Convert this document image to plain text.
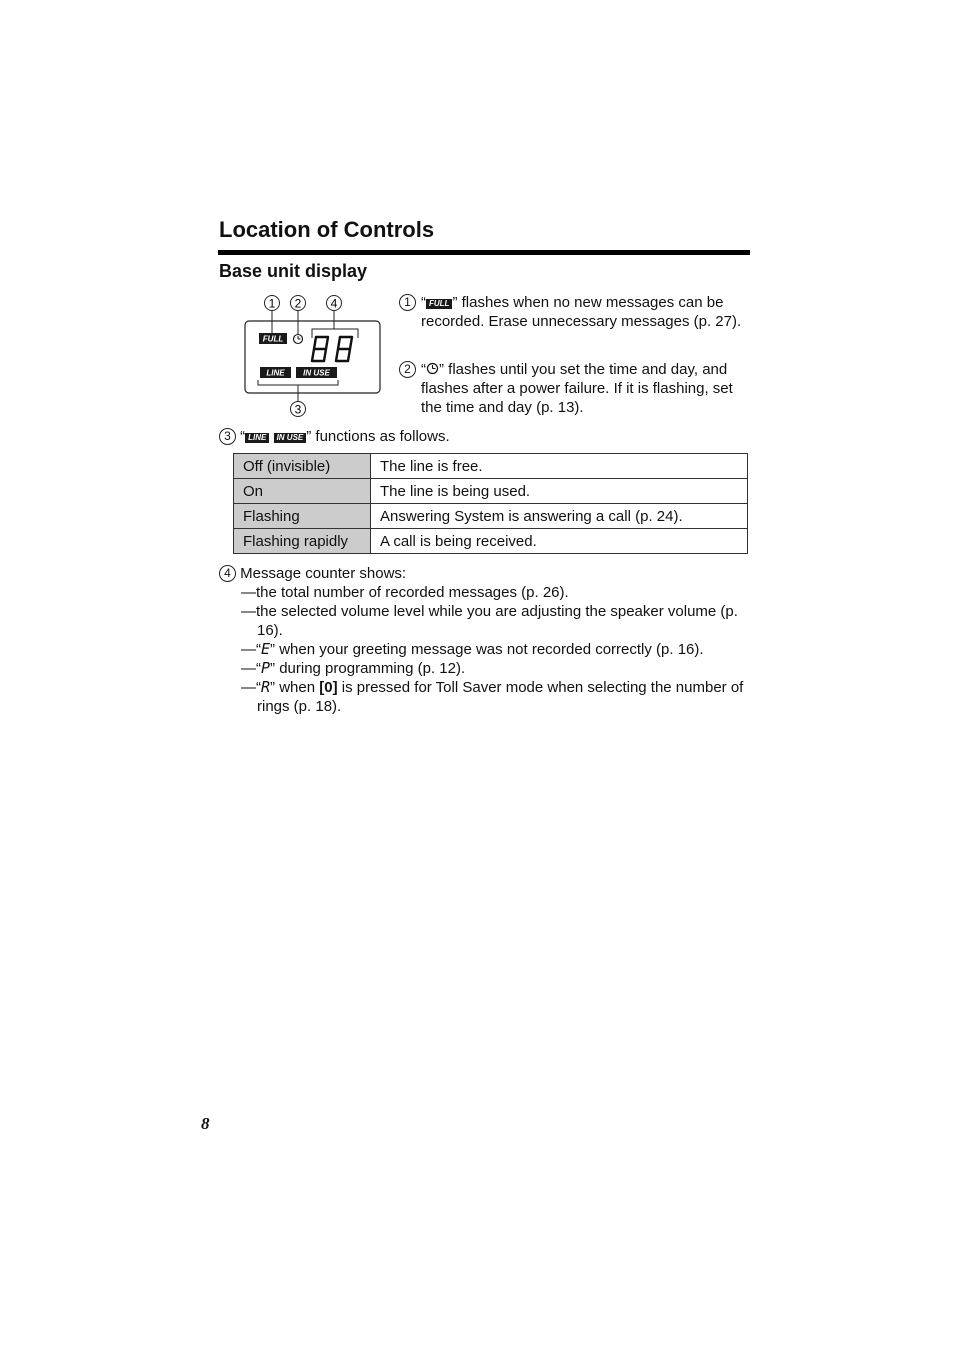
Location of Controls
Base unit display
1 2 4
3
FULL
LINE IN USE
1 “ FULL ” flashes when no new messages can be recorded. Erase unnecessary messages (p. 27).
2 “ ” flashes until you set the time and day, and flashes after a power failure. If it is flashing, set the time and day (p. 13).
3 “ LINE IN USE ” functions as follows.
Off (invisible)	The line is free.
On	The line is being used.
Flashing	Answering System is answering a call (p. 24).
Flashing rapidly	A call is being received.
4 Message counter shows:
—the total number of recorded messages (p. 26).
—the selected volume level while you are adjusting the speaker volume (p. 16).
—“E” when your greeting message was not recorded correctly (p. 16).
—“P” during programming (p. 12).
—“R” when [0] is pressed for Toll Saver mode when selecting the number of rings (p. 18).
8
